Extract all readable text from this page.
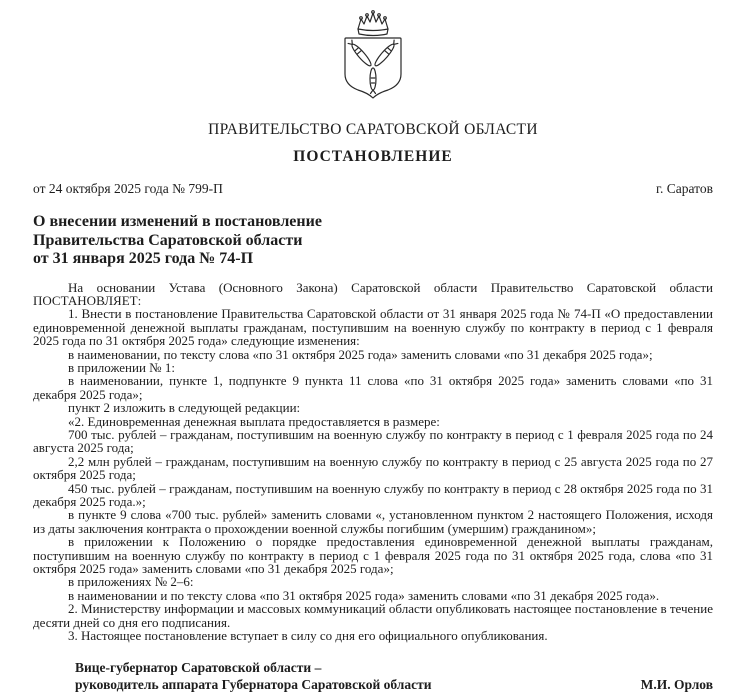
ПРАВИТЕЛЬСТВО САРАТОВСКОЙ ОБЛАСТИ
ПОСТАНОВЛЕНИЕ
от 24 октября 2025 года № 799-П	г. Саратов
О внесении изменений в постановление
Правительства Саратовской области
от 31 января 2025 года № 74-П

На основании Устава (Основного Закона) Саратовской области Правительство Саратовской области ПОСТАНОВЛЯЕТ:

1. Внести в постановление Правительства Саратовской области от 31 января 2025 года № 74-П «О предоставлении единовременной денежной выплаты гражданам, поступившим на военную службу по контракту в период с 1 февраля 2025 года по 31 октября 2025 года» следующие изменения:

в наименовании, по тексту слова «по 31 октября 2025 года» заменить словами «по 31 декабря 2025 года»;

в приложении № 1:

в наименовании, пункте 1, подпункте 9 пункта 11 слова «по 31 октября 2025 года» заменить словами «по 31 декабря 2025 года»;

пункт 2 изложить в следующей редакции:

«2. Единовременная денежная выплата предоставляется в размере:

700 тыс. рублей – гражданам, поступившим на военную службу по контракту в период с 1 февраля 2025 года по 24 августа 2025 года;

2,2 млн рублей – гражданам, поступившим на военную службу по контракту в период с 25 августа 2025 года по 27 октября 2025 года;

450 тыс. рублей – гражданам, поступившим на военную службу по контракту в период с 28 октября 2025 года по 31 декабря 2025 года.»;

в пункте 9 слова «700 тыс. рублей» заменить словами «, установленном пунктом 2 настоящего Положения, исходя из даты заключения контракта о прохождении военной службы погибшим (умершим) гражданином»;

в приложении к Положению о порядке предоставления единовременной денежной выплаты гражданам, поступившим на военную службу по контракту в период с 1 февраля 2025 года по 31 октября 2025 года, слова «по 31 октября 2025 года» заменить словами «по 31 декабря 2025 года»;

в приложениях № 2–6:

в наименовании и по тексту слова «по 31 октября 2025 года» заменить словами «по 31 декабря 2025 года».

2. Министерству информации и массовых коммуникаций области опубликовать настоящее постановление в течение десяти дней со дня его подписания.

3. Настоящее постановление вступает в силу со дня его официального опубликования.

Вице-губернатор Саратовской области –
руководитель аппарата Губернатора Саратовской области	М.И. Орлов
